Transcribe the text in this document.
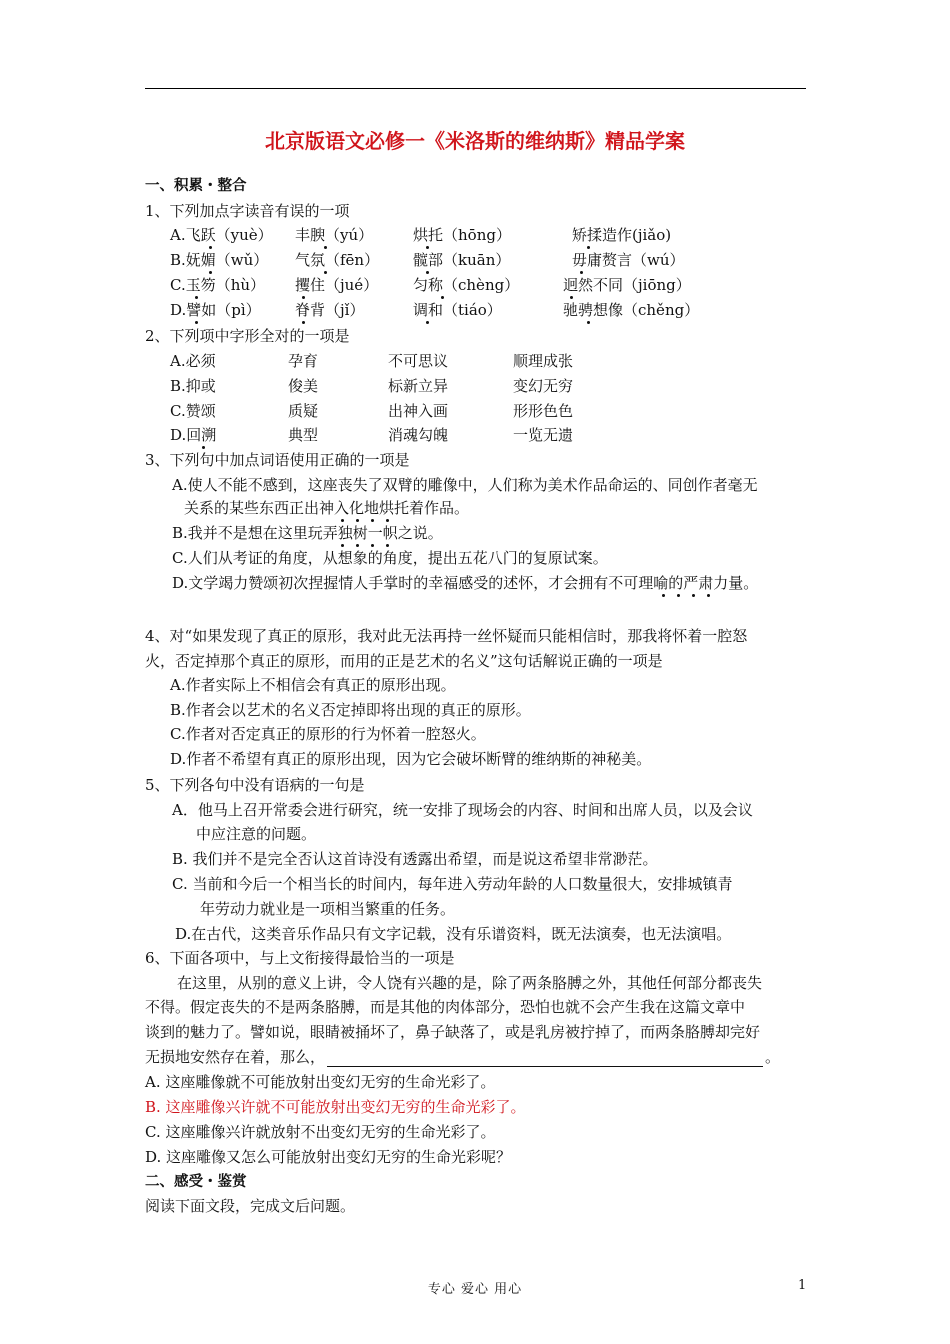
北京版语文必修一《米洛斯的维纳斯》精品学案
一、积累・整合
1、下列加点字读音有误的一项
A.飞跃（yuè） 丰腴（yú）	烘托（hōng）	矫揉造作(jiǎo)
B.妩媚（wǔ） 气氛（fēn） 髋部（kuān）	毋庸赘言（wú）
C.玉笏（hù） 攫住（jué） 匀称（chèng）	迥然不同（jiōng）
D.譬如（pì） 脊背（jǐ）	调和（tiáo）	驰骋想像（chěng）
2、下列项中字形全对的一项是
A.必须	孕育	不可思议	顺理成张
B.抑或	俊美	标新立异	变幻无穷
C.赞颂	质疑	出神入画	形形色色
D.回溯	典型	消魂勾魄	一览无遗
3、下列句中加点词语使用正确的一项是
A.使人不能不感到，这座丧失了双臂的雕像中，人们称为美术作品命运的、同创作者毫无
关系的某些东西正出神入化地烘托着作品。
B.我并不是想在这里玩弄独树一帜之说。
C.人们从考证的角度，从想象的角度，提出五花八门的复原试案。
D.文学竭力赞颂初次捏握情人手掌时的幸福感受的述怀，才会拥有不可理喻的严肃力量。
4、对“如果发现了真正的原形，我对此无法再持一丝怀疑而只能相信时，那我将怀着一腔怒
火，否定掉那个真正的原形，而用的正是艺术的名义”这句话解说正确的一项是
A.作者实际上不相信会有真正的原形出现。
B.作者会以艺术的名义否定掉即将出现的真正的原形。
C.作者对否定真正的原形的行为怀着一腔怒火。
D.作者不希望有真正的原形出现，因为它会破坏断臂的维纳斯的神秘美。
5、下列各句中没有语病的一句是
A．他马上召开常委会进行研究，统一安排了现场会的内容、时间和出席人员，以及会议
中应注意的问题。
B. 我们并不是完全否认这首诗没有透露出希望，而是说这希望非常渺茫。
C. 当前和今后一个相当长的时间内，每年进入劳动年龄的人口数量很大，安排城镇青
年劳动力就业是一项相当繁重的任务。
D.在古代，这类音乐作品只有文字记载，没有乐谱资料，既无法演奏，也无法演唱。
6、下面各项中，与上文衔接得最恰当的一项是
在这里，从别的意义上讲，令人饶有兴趣的是，除了两条胳膊之外，其他任何部分都丧失
不得。假定丧失的不是两条胳膊，而是其他的肉体部分，恐怕也就不会产生我在这篇文章中
谈到的魅力了。譬如说，眼睛被捅坏了，鼻子缺落了，或是乳房被拧掉了，而两条胳膊却完好
无损地安然存在着，那么，	。
A. 这座雕像就不可能放射出变幻无穷的生命光彩了。
B. 这座雕像兴许就不可能放射出变幻无穷的生命光彩了。
C. 这座雕像兴许就放射不出变幻无穷的生命光彩了。
D. 这座雕像又怎么可能放射出变幻无穷的生命光彩呢？
二、感受・鉴赏
阅读下面文段，完成文后问题。
专心 爱心 用心	1
